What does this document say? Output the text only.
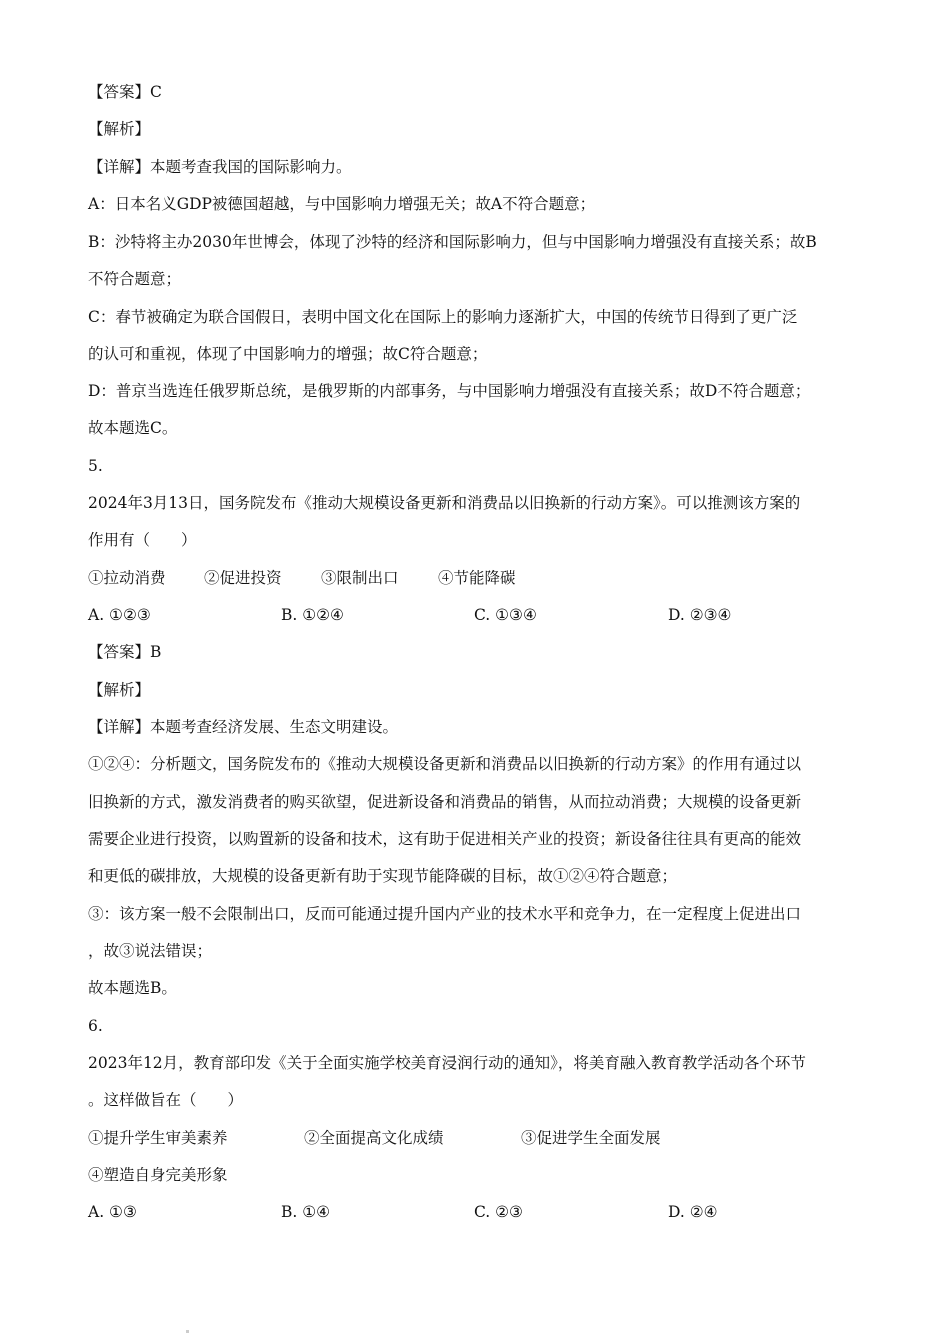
【答案】C
【解析】
【详解】本题考查我国的国际影响力。
A：日本名义GDP被德国超越，与中国影响力增强无关；故A不符合题意；
B：沙特将主办2030年世博会，体现了沙特的经济和国际影响力，但与中国影响力增强没有直接关系；故B
不符合题意；
C：春节被确定为联合国假日，表明中国文化在国际上的影响力逐渐扩大，中国的传统节日得到了更广泛
的认可和重视，体现了中国影响力的增强；故C符合题意；
D：普京当选连任俄罗斯总统，是俄罗斯的内部事务，与中国影响力增强没有直接关系；故D不符合题意；
故本题选C。
5.
2024年3月13日，国务院发布《推动大规模设备更新和消费品以旧换新的行动方案》。可以推测该方案的
作用有（　　）
①拉动消费 ②促进投资	③限制出口	④节能降碳
A. ①②③	B. ①②④	C. ①③④	D. ②③④
【答案】B
【解析】
【详解】本题考查经济发展、生态文明建设。
①②④：分析题文，国务院发布的《推动大规模设备更新和消费品以旧换新的行动方案》的作用有通过以
旧换新的方式，激发消费者的购买欲望，促进新设备和消费品的销售，从而拉动消费；大规模的设备更新
需要企业进行投资，以购置新的设备和技术，这有助于促进相关产业的投资；新设备往往具有更高的能效
和更低的碳排放，大规模的设备更新有助于实现节能降碳的目标，故①②④符合题意；
③：该方案一般不会限制出口，反而可能通过提升国内产业的技术水平和竞争力，在一定程度上促进出口
，故③说法错误；
故本题选B。
6.
2023年12月，教育部印发《关于全面实施学校美育浸润行动的通知》，将美育融入教育教学活动各个环节
。这样做旨在（　　）
①提升学生审美素养	②全面提高文化成绩	③促进学生全面发展
④塑造自身完美形象
A. ①③	B. ①④	C. ②③	D. ②④
